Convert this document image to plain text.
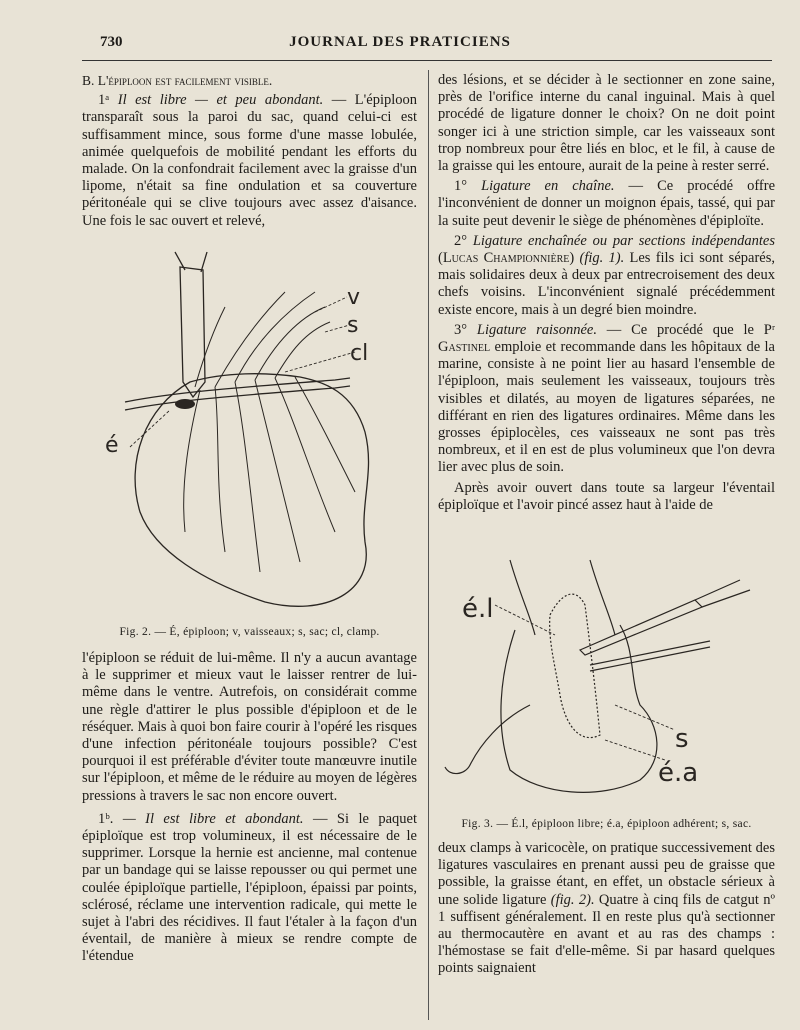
730	JOURNAL DES PRATICIENS

B. L'épiploon est facilement visible.

1ᵃ Il est libre — et peu abondant. — L'épiploon transparaît sous la paroi du sac, quand celui-ci est suffisamment mince, sous forme d'une masse lobulée, animée quelquefois de mobilité pendant les efforts du malade. On la confondrait facilement avec la graisse d'un lipome, n'était sa fine ondulation et sa couverture péritonéale qui se clive toujours avec assez d'aisance. Une fois le sac ouvert et relevé,

v
s
cl
é
Fig. 2. — É, épiploon; v, vaisseaux; s, sac; cl, clamp.

l'épiploon se réduit de lui-même. Il n'y a aucun avantage à le supprimer et mieux vaut le laisser rentrer de lui-même dans le ventre. Autrefois, on considérait comme une règle d'attirer le plus possible d'épiploon et de le réséquer. Mais à quoi bon faire courir à l'opéré les risques d'une infection péritonéale toujours possible? C'est pourquoi il est préférable d'éviter toute manœuvre inutile sur l'épiploon, et même de le réduire au moyen de légères pressions à travers le sac non encore ouvert.

1ᵇ. — Il est libre et abondant. — Si le paquet épiploïque est trop volumineux, il est nécessaire de le supprimer. Lorsque la hernie est ancienne, mal contenue par un bandage qui se laisse repousser ou qui permet une coulée épiploïque partielle, l'épiploon, épaissi par points, sclérosé, réclame une intervention radicale, qui mette le sujet à l'abri des récidives. Il faut l'étaler à la façon d'un éventail, de manière à mieux se rendre compte de l'étendue

des lésions, et se décider à le sectionner en zone saine, près de l'orifice interne du canal inguinal. Mais à quel procédé de ligature donner le choix? On ne doit point songer ici à une striction simple, car les vaisseaux sont trop nombreux pour être liés en bloc, et le fil, à cause de la graisse qui les entoure, aurait de la peine à rester serré.

1° Ligature en chaîne. — Ce procédé offre l'inconvénient de donner un moignon épais, tassé, qui par la suite peut devenir le siège de phénomènes d'épiploïte.

2° Ligature enchaînée ou par sections indépendantes (Lucas Championnière) (fig. 1). Les fils ici sont séparés, mais solidaires deux à deux par entrecroisement des deux chefs voisins. L'inconvénient signalé précédemment existe encore, mais à un degré bien moindre.

3° Ligature raisonnée. — Ce procédé que le Pʳ Gastinel emploie et recommande dans les hôpitaux de la marine, consiste à ne point lier au hasard l'ensemble de l'épiploon, mais seulement les vaisseaux, toujours très visibles et dilatés, au moyen de ligatures séparées, ne différant en rien des ligatures ordinaires. Même dans les grosses épiplocèles, ces vaisseaux ne sont pas très nombreux, et il en est de plus volumineux que l'on devra lier avec plus de soin.

Après avoir ouvert dans toute sa largeur l'éventail épiploïque et l'avoir pincé assez haut à l'aide de

é.l
s
é.a
Fig. 3. — É.l, épiploon libre; é.a, épiploon adhérent; s, sac.

deux clamps à varicocèle, on pratique successivement des ligatures vasculaires en prenant aussi peu de graisse que possible, la graisse étant, en effet, un obstacle sérieux à une solide ligature (fig. 2). Quatre à cinq fils de catgut nº 1 suffisent généralement. Il en reste plus qu'à sectionner au thermocautère en avant et au ras des champs : l'hémostase se fait d'elle-même. Si par hasard quelques points saignaient
